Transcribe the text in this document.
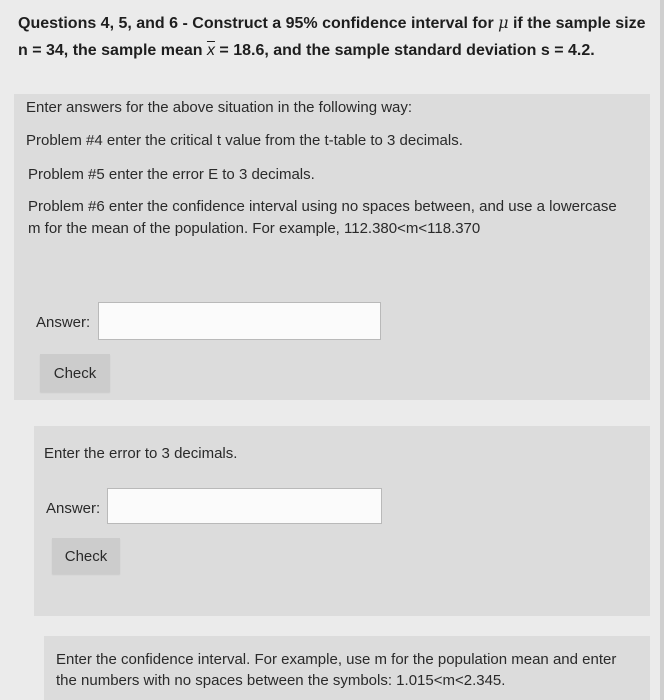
Questions 4, 5, and 6 - Construct a 95% confidence interval for μ if the sample size n = 34, the sample mean $\overline{x} = 18.6$, and the sample standard deviation s = 4.2.
Enter answers for the above situation in the following way:
Problem #4 enter the critical t value from the t-table to 3 decimals.
Problem #5 enter the error E to 3 decimals.
Problem #6 enter the confidence interval using no spaces between, and use a lowercase m for the mean of the population. For example, 112.380<m<118.370
Answer:
Check
Enter the error to 3 decimals.
Answer:
Check
Enter the confidence interval. For example, use m for the population mean and enter the numbers with no spaces between the symbols: 1.015<m<2.345.
